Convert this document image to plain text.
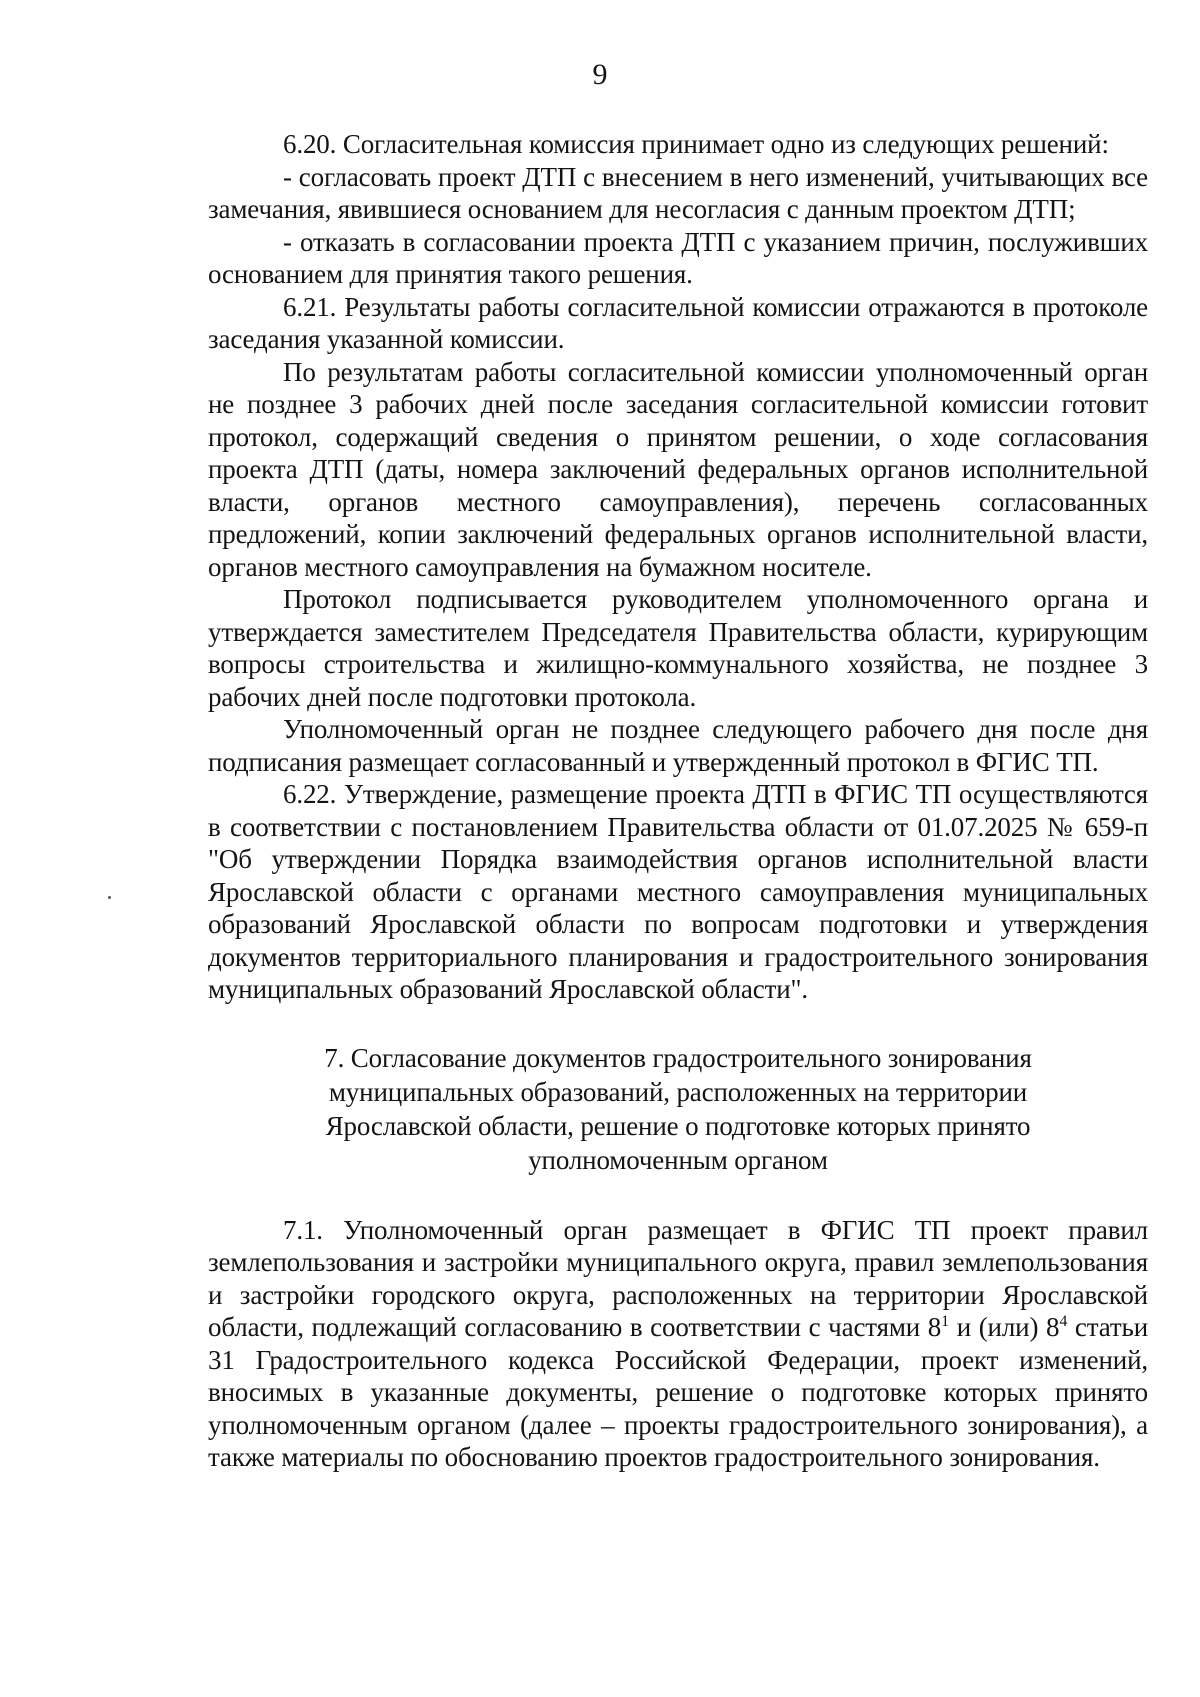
9

6.20. Согласительная комиссия принимает одно из следующих решений:

- согласовать проект ДТП с внесением в него изменений, учитывающих все замечания, явившиеся основанием для несогласия с данным проектом ДТП;

- отказать в согласовании проекта ДТП с указанием причин, послуживших основанием для принятия такого решения.

6.21. Результаты работы согласительной комиссии отражаются в протоколе заседания указанной комиссии.

По результатам работы согласительной комиссии уполномоченный орган не позднее 3 рабочих дней после заседания согласительной комиссии готовит протокол, содержащий сведения о принятом решении, о ходе согласования проекта ДТП (даты, номера заключений федеральных органов исполнительной власти, органов местного самоуправления), перечень согласованных предложений, копии заключений федеральных органов исполнительной власти, органов местного самоуправления на бумажном носителе.

Протокол подписывается руководителем уполномоченного органа и утверждается заместителем Председателя Правительства области, курирующим вопросы строительства и жилищно-коммунального хозяйства, не позднее 3 рабочих дней после подготовки протокола.

Уполномоченный орган не позднее следующего рабочего дня после дня подписания размещает согласованный и утвержденный протокол в ФГИС ТП.

6.22. Утверждение, размещение проекта ДТП в ФГИС ТП осуществляются в соответствии с постановлением Правительства области от 01.07.2025 № 659-п "Об утверждении Порядка взаимодействия органов исполнительной власти Ярославской области с органами местного самоуправления муниципальных образований Ярославской области по вопросам подготовки и утверждения документов территориального планирования и градостроительного зонирования муниципальных образований Ярославской области".

7. Согласование документов градостроительного зонирования муниципальных образований, расположенных на территории Ярославской области, решение о подготовке которых принято уполномоченным органом

7.1. Уполномоченный орган размещает в ФГИС ТП проект правил землепользования и застройки муниципального округа, правил землепользования и застройки городского округа, расположенных на территории Ярославской области, подлежащий согласованию в соответствии с частями $8^1$ и (или) $8^4$ статьи 31 Градостроительного кодекса Российской Федерации, проект изменений, вносимых в указанные документы, решение о подготовке которых принято уполномоченным органом (далее – проекты градостроительного зонирования), а также материалы по обоснованию проектов градостроительного зонирования.
